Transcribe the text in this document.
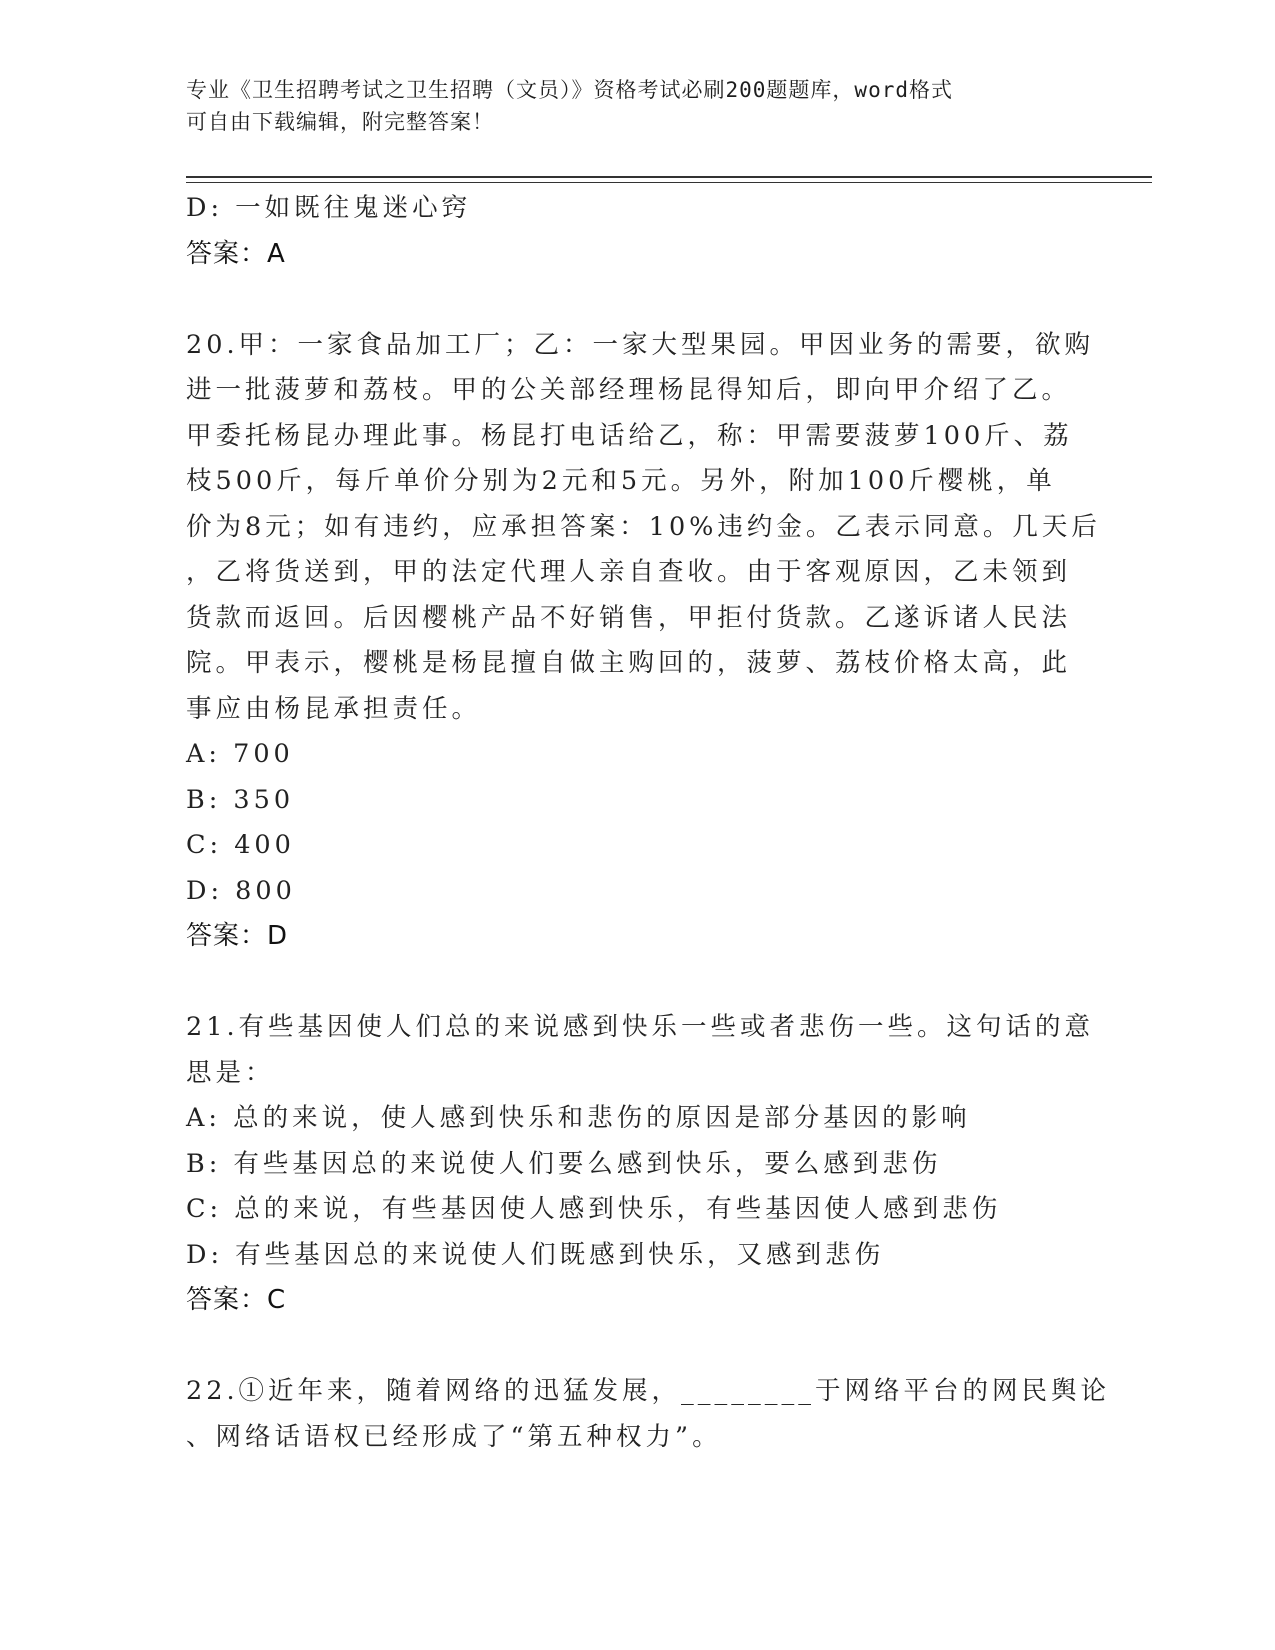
专业《卫生招聘考试之卫生招聘（文员）》资格考试必刷200题题库，word格式
可自由下载编辑，附完整答案！
D: 一如既往鬼迷心窍
答案：A
20.甲：一家食品加工厂；乙：一家大型果园。甲因业务的需要，欲购
进一批菠萝和荔枝。甲的公关部经理杨昆得知后，即向甲介绍了乙。
甲委托杨昆办理此事。杨昆打电话给乙，称：甲需要菠萝100斤、荔
枝500斤，每斤单价分别为2元和5元。另外，附加100斤樱桃，单
价为8元；如有违约，应承担答案：10%违约金。乙表示同意。几天后
，乙将货送到，甲的法定代理人亲自查收。由于客观原因，乙未领到
货款而返回。后因樱桃产品不好销售，甲拒付货款。乙遂诉诸人民法
院。甲表示，樱桃是杨昆擅自做主购回的，菠萝、荔枝价格太高，此
事应由杨昆承担责任。
A: 700
B: 350
C: 400
D: 800
答案：D
21.有些基因使人们总的来说感到快乐一些或者悲伤一些。这句话的意
思是：
A: 总的来说，使人感到快乐和悲伤的原因是部分基因的影响
B: 有些基因总的来说使人们要么感到快乐，要么感到悲伤
C: 总的来说，有些基因使人感到快乐，有些基因使人感到悲伤
D: 有些基因总的来说使人们既感到快乐，又感到悲伤
答案：C
22.①近年来，随着网络的迅猛发展，________于网络平台的网民舆论
、网络话语权已经形成了“第五种权力”。
